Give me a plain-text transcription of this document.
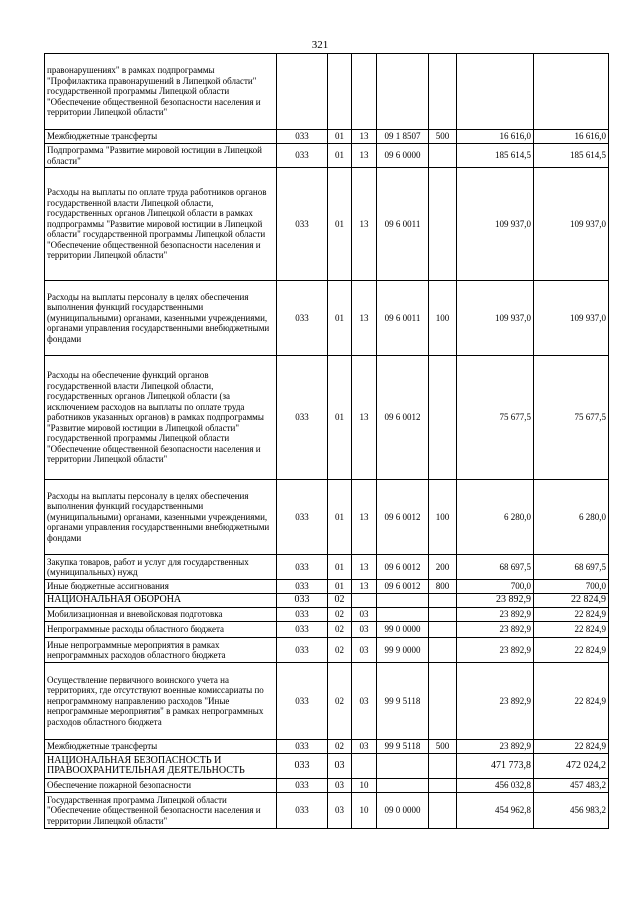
321
правонарушениях" в рамках подпрограммы "Профилактика правонарушений в Липецкой области" государственной программы Липецкой области "Обеспечение общественной безопасности населения и территории Липецкой области"							
Межбюджетные трансферты	033	01	13	09 1 8507	500	16 616,0	16 616,0
Подпрограмма "Развитие мировой юстиции в Липецкой области"	033	01	13	09 6 0000		185 614,5	185 614,5
Расходы на выплаты по оплате труда работников органов государственной власти Липецкой области, государственных органов Липецкой области в рамках подпрограммы "Развитие мировой юстиции в Липецкой области" государственной программы Липецкой области "Обеспечение общественной безопасности населения и территории Липецкой области"	033	01	13	09 6 0011		109 937,0	109 937,0
Расходы на выплаты персоналу в целях обеспечения выполнения функций государственными (муниципальными) органами, казенными учреждениями, органами управления государственными внебюджетными фондами	033	01	13	09 6 0011	100	109 937,0	109 937,0
Расходы на обеспечение функций органов государственной власти Липецкой области, государственных органов Липецкой области (за исключением расходов на выплаты по оплате труда работников указанных органов) в рамках подпрограммы "Развитие мировой юстиции в Липецкой области" государственной программы Липецкой области "Обеспечение общественной безопасности населения и территории Липецкой области"	033	01	13	09 6 0012		75 677,5	75 677,5
Расходы на выплаты персоналу в целях обеспечения выполнения функций государственными (муниципальными) органами, казенными учреждениями, органами управления государственными внебюджетными фондами	033	01	13	09 6 0012	100	6 280,0	6 280,0
Закупка товаров, работ и услуг для государственных (муниципальных) нужд	033	01	13	09 6 0012	200	68 697,5	68 697,5
Иные бюджетные ассигнования	033	01	13	09 6 0012	800	700,0	700,0
НАЦИОНАЛЬНАЯ ОБОРОНА	033	02				23 892,9	22 824,9
Мобилизационная и вневойсковая подготовка	033	02	03			23 892,9	22 824,9
Непрограммные расходы областного бюджета	033	02	03	99 0 0000		23 892,9	22 824,9
Иные непрограммные мероприятия в рамках непрограммных расходов областного бюджета	033	02	03	99 9 0000		23 892,9	22 824,9
Осуществление первичного воинского учета на территориях, где отсутствуют военные комиссариаты по непрограммному направлению расходов "Иные непрограммные мероприятия" в рамках непрограммных расходов областного бюджета	033	02	03	99 9 5118		23 892,9	22 824,9
Межбюджетные трансферты	033	02	03	99 9 5118	500	23 892,9	22 824,9
НАЦИОНАЛЬНАЯ БЕЗОПАСНОСТЬ И ПРАВООХРАНИТЕЛЬНАЯ ДЕЯТЕЛЬНОСТЬ	033	03				471 773,8	472 024,2
Обеспечение пожарной безопасности	033	03	10			456 032,8	457 483,2
Государственная программа Липецкой области "Обеспечение общественной безопасности населения и территории Липецкой области"	033	03	10	09 0 0000		454 962,8	456 983,2
